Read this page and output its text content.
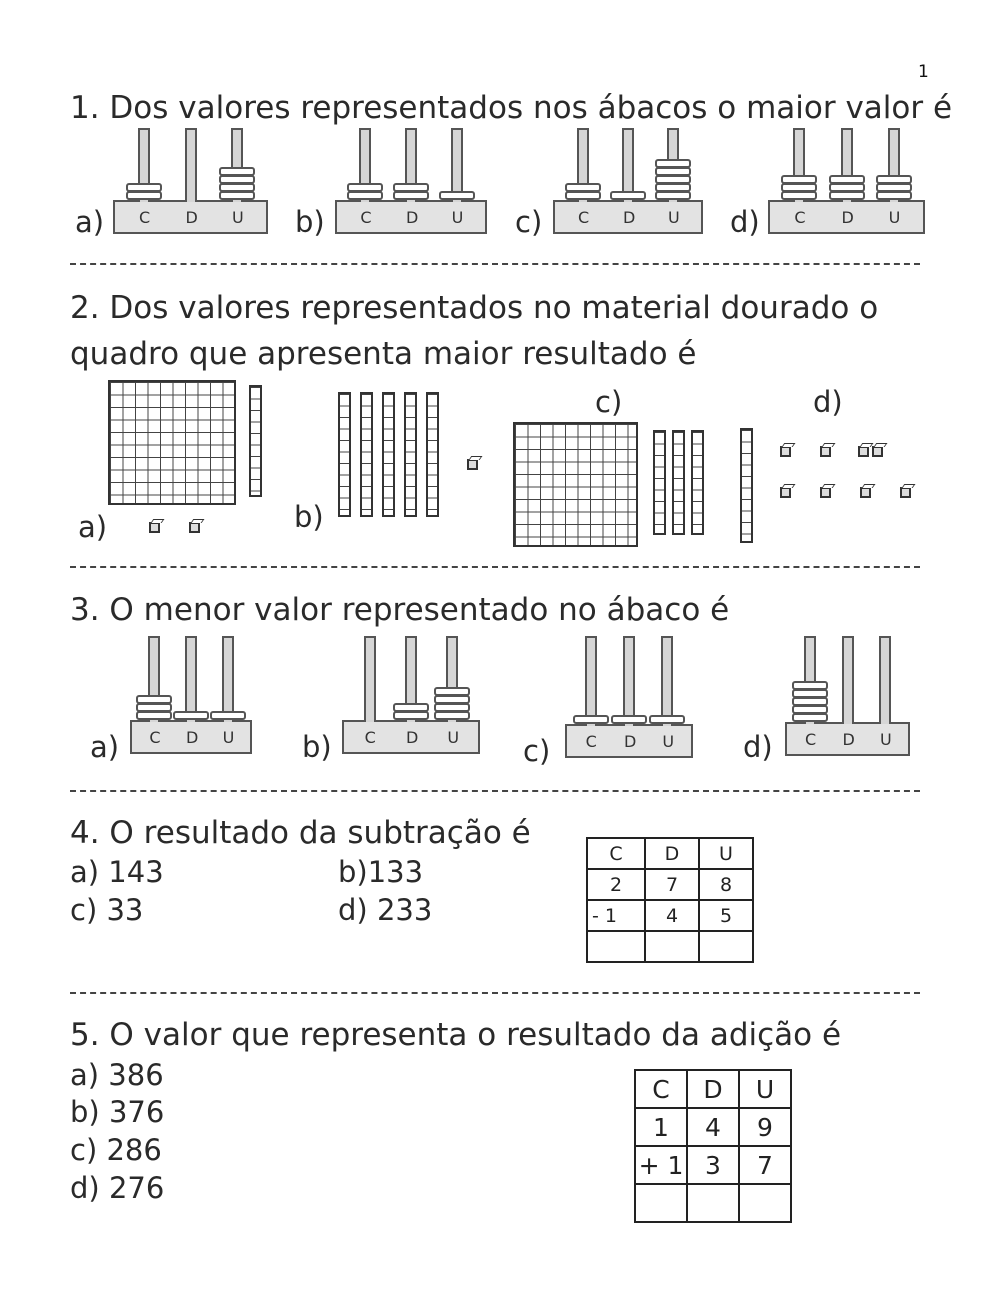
1
1. Dos valores representados nos ábacos o maior valor é
a)	b)	c)	d)
C D U	C D U	C D U	C D U
2. Dos valores representados no material dourado o
quadro que apresenta maior resultado é
a)	b)
c)	d)
3. O menor valor representado no ábaco é
a)	b)	c)	d)
C D U	C D U	C D U	C D U
4. O resultado da subtração é
a) 143	b)133
c) 33	d) 233
C	D	U
2	7	8
- 1	4	5

5. O valor que representa o resultado da adição é
a) 386
b) 376
c) 286
d) 276
C	D	U
1	4	9
+ 1	3	7
